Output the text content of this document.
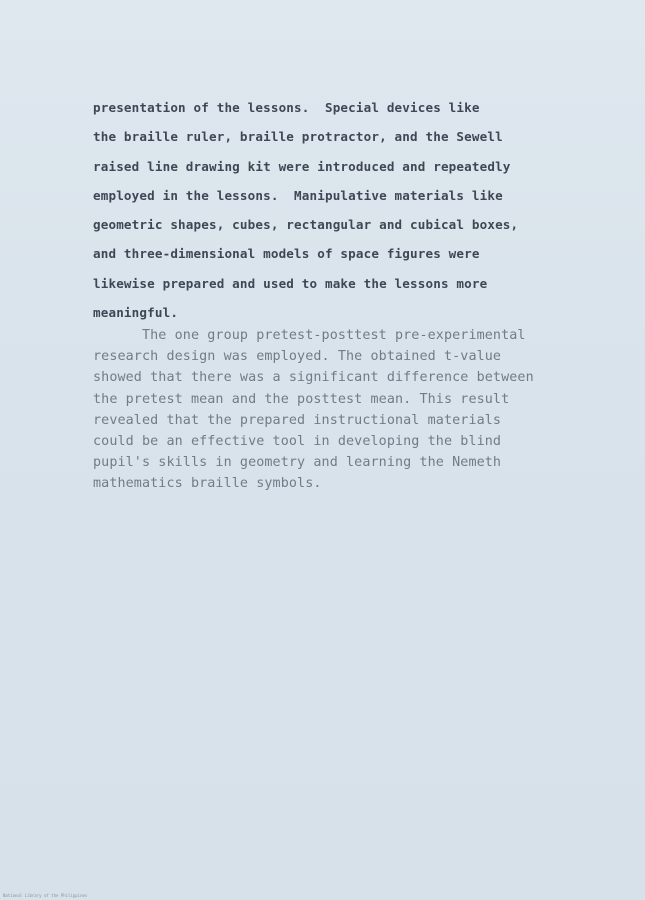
presentation of the lessons.  Special devices like
the braille ruler, braille protractor, and the Sewell
raised line drawing kit were introduced and repeatedly
employed in the lessons.  Manipulative materials like
geometric shapes, cubes, rectangular and cubical boxes,
and three-dimensional models of space figures were
likewise prepared and used to make the lessons more
meaningful.
The one group pretest-posttest pre-experimental
research design was employed. The obtained t-value
showed that there was a significant difference between
the pretest mean and the posttest mean. This result
revealed that the prepared instructional materials
could be an effective tool in developing the blind
pupil's skills in geometry and learning the Nemeth
mathematics braille symbols.
National Library of the Philippines
